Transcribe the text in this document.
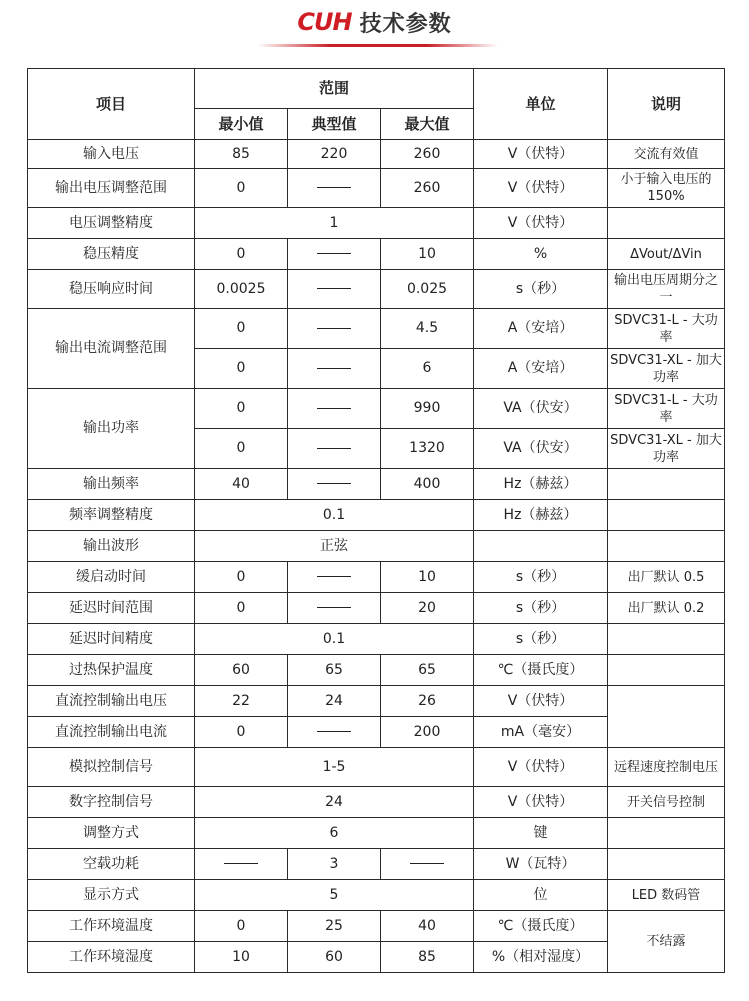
CUH 技术参数
项目	范围			单位	说明
	最小值	典型值	最大值		
输入电压	85	220	260	V（伏特）	交流有效值
输出电压调整范围	0		260	V（伏特）	小于输入电压的 150%
电压调整精度	1			V（伏特）	
稳压精度	0		10	%	ΔVout/ΔVin
稳压响应时间	0.0025		0.025	s（秒）	输出电压周期分之一
输出电流调整范围	0		4.5	A（安培）	SDVC31-L - 大功率
	0		6	A（安培）	SDVC31-XL - 加大功率
输出功率	0		990	VA（伏安）	SDVC31-L - 大功率
	0		1320	VA（伏安）	SDVC31-XL - 加大功率
输出频率	40		400	Hz（赫兹）	
频率调整精度	0.1			Hz（赫兹）	
输出波形	正弦				
缓启动时间	0		10	s（秒）	出厂默认 0.5
延迟时间范围	0		20	s（秒）	出厂默认 0.2
延迟时间精度	0.1			s（秒）	
过热保护温度	60	65	65	℃（摄氏度）	
直流控制输出电压	22	24	26	V（伏特）	
直流控制输出电流	0		200	mA（毫安）	
模拟控制信号	1-5			V（伏特）	远程速度控制电压
数字控制信号	24			V（伏特）	开关信号控制
调整方式	6			键	
空载功耗		3		W（瓦特）	
显示方式	5			位	LED 数码管
工作环境温度	0	25	40	℃（摄氏度）	不结露
工作环境湿度	10	60	85	%（相对湿度）	
